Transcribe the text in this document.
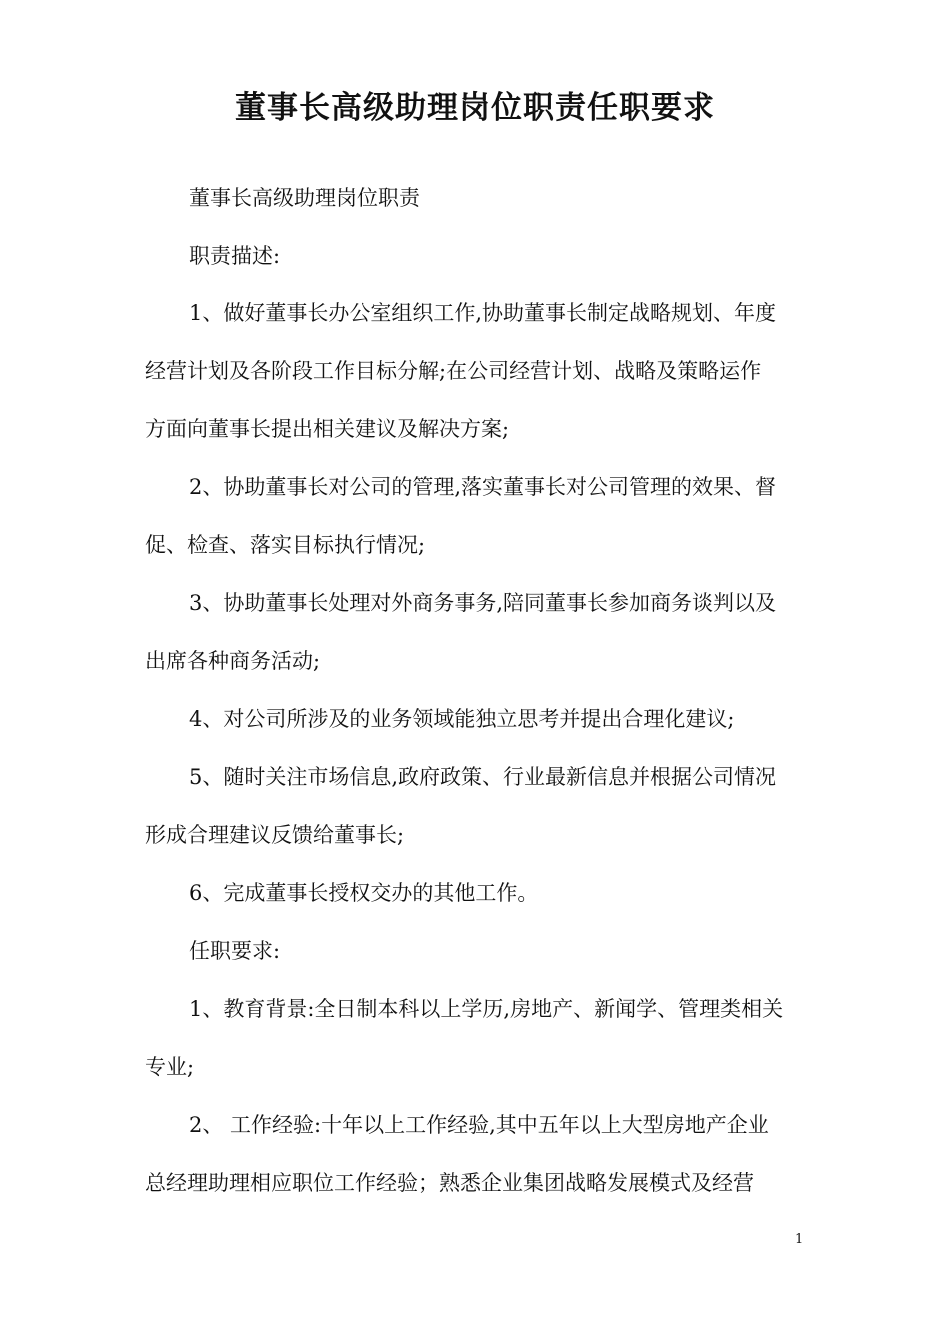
董事长高级助理岗位职责任职要求
董事长高级助理岗位职责
职责描述:
1、做好董事长办公室组织工作,协助董事长制定战略规划、年度
经营计划及各阶段工作目标分解;在公司经营计划、战略及策略运作
方面向董事长提出相关建议及解决方案;
2、协助董事长对公司的管理,落实董事长对公司管理的效果、督
促、检查、落实目标执行情况;
3、协助董事长处理对外商务事务,陪同董事长参加商务谈判以及
出席各种商务活动;
4、对公司所涉及的业务领域能独立思考并提出合理化建议;
5、随时关注市场信息,政府政策、行业最新信息并根据公司情况
形成合理建议反馈给董事长;
6、完成董事长授权交办的其他工作。
任职要求:
1、教育背景:全日制本科以上学历,房地产、新闻学、管理类相关
专业;
2、 工作经验:十年以上工作经验,其中五年以上大型房地产企业
总经理助理相应职位工作经验；熟悉企业集团战略发展模式及经营
1
